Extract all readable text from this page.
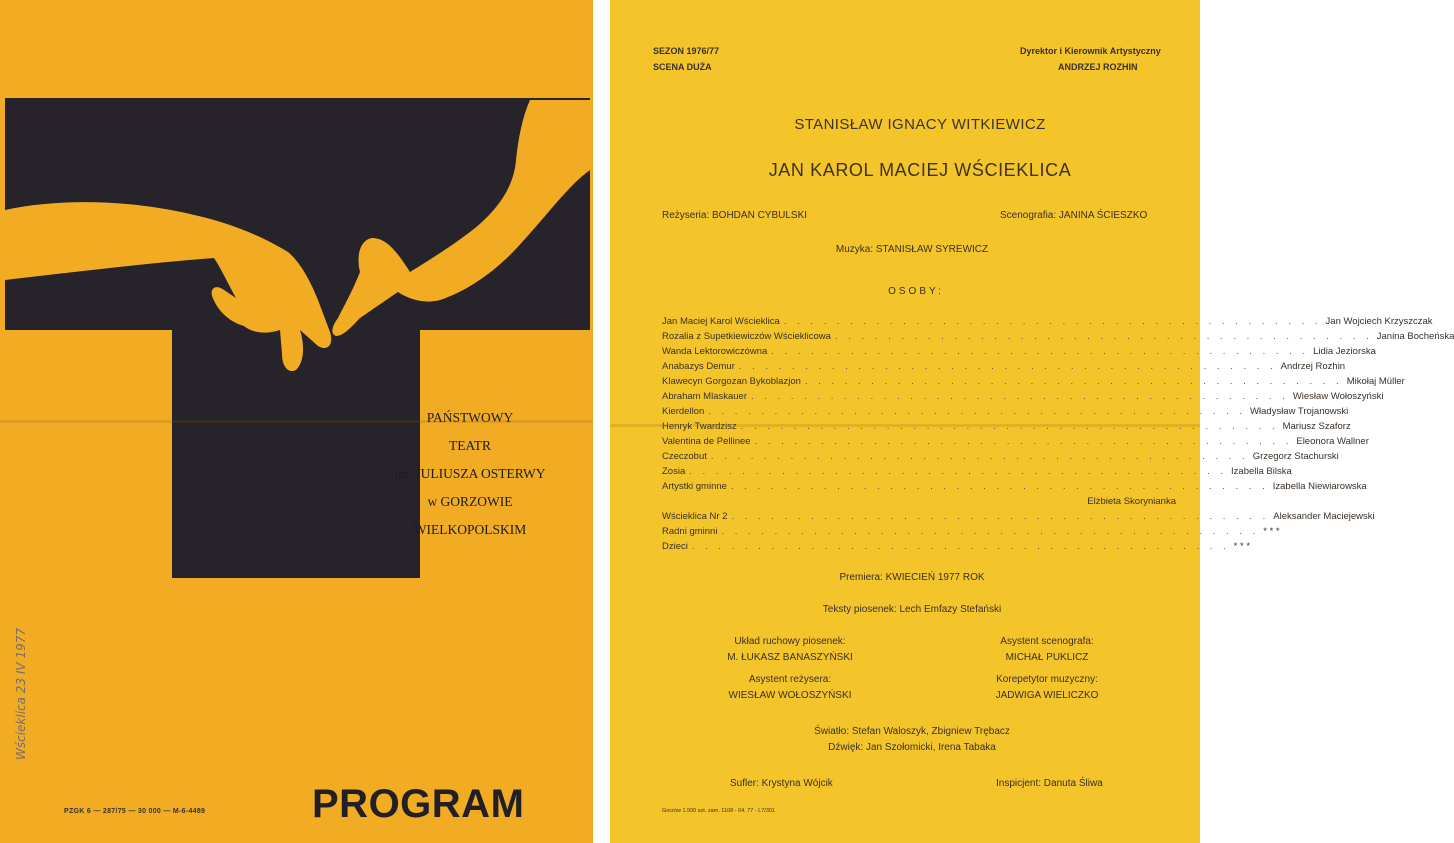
PAŃSTWOWY
TEATR
im. JULIUSZA OSTERWY
w GORZOWIE
WIELKOPOLSKIM
Wścieklica 23 IV 1977
PZGK 6 — 287/75 — 30 000 — M-6-4489	PROGRAM
SEZON 1976/77
SCENA DUŻA
Dyrektor i Kierownik Artystyczny
ANDRZEJ ROZHIN
STANISŁAW IGNACY WITKIEWICZ
JAN KAROL MACIEJ WŚCIEKLICA
Reżyseria: BOHDAN CYBULSKI	Scenografia: JANINA ŚCIESZKO
Muzyka: STANISŁAW SYREWICZ
OSOBY:
Jan Maciej Karol Wścieklica . . . . . . . . . . . . . . . . . . . . . . . . . . . . . . . . . . . . . . . . . Jan Wojciech Krzyszczak
Rozalia z Supetkiewiczów Wścieklicowa . . . . . . . . . . . . . . . . . . . . . . . . . . . . . . . . . . . . . . . . . Janina Bocheńska
Wanda Lektorowiczówna . . . . . . . . . . . . . . . . . . . . . . . . . . . . . . . . . . . . . . . . . Lidia Jeziorska
Anabazys Demur . . . . . . . . . . . . . . . . . . . . . . . . . . . . . . . . . . . . . . . . . Andrzej Rozhin
Klawecyn Gorgozan Bykoblazjon . . . . . . . . . . . . . . . . . . . . . . . . . . . . . . . . . . . . . . . . . Mikołaj Müller
Abraham Mlaskauer . . . . . . . . . . . . . . . . . . . . . . . . . . . . . . . . . . . . . . . . . Wiesław Wołoszyński
Kierdellon . . . . . . . . . . . . . . . . . . . . . . . . . . . . . . . . . . . . . . . . . Władysław Trojanowski
Henryk Twardzisz . . . . . . . . . . . . . . . . . . . . . . . . . . . . . . . . . . . . . . . . . Mariusz Szaforz
Valentina de Pellinee . . . . . . . . . . . . . . . . . . . . . . . . . . . . . . . . . . . . . . . . . Eleonora Wallner
Czeczobut . . . . . . . . . . . . . . . . . . . . . . . . . . . . . . . . . . . . . . . . . Grzegorz Stachurski
Zosia . . . . . . . . . . . . . . . . . . . . . . . . . . . . . . . . . . . . . . . . . Izabella Bilska
Artystki gminne . . . . . . . . . . . . . . . . . . . . . . . . . . . . . . . . . . . . . . . . . Izabella Niewiarowska
Elżbieta Skorynianka
Wścieklica Nr 2 . . . . . . . . . . . . . . . . . . . . . . . . . . . . . . . . . . . . . . . . . Aleksander Maciejewski
Radni gminni . . . . . . . . . . . . . . . . . . . . . . . . . . . . . . . . . . . . . . . . . * * *
Dzieci . . . . . . . . . . . . . . . . . . . . . . . . . . . . . . . . . . . . . . . . . * * *
Premiera: KWIECIEŃ 1977 ROK
Teksty piosenek: Lech Emfazy Stefański
Układ ruchowy piosenek:
M. ŁUKASZ BANASZYŃSKI
Asystent scenografa:
MICHAŁ PUKLICZ
Asystent reżysera:
WIESŁAW WOŁOSZYŃSKI
Korepetytor muzyczny:
JADWIGA WIELICZKO
Światło: Stefan Waloszyk, Zbigniew Trębacz
Dźwięk: Jan Szołomicki, Irena Tabaka
Sufler: Krystyna Wójcik	Inspicjent: Danuta Śliwa
Gorzów 1.500 szt. zam. 1108 - 04. 77 - L7/301
